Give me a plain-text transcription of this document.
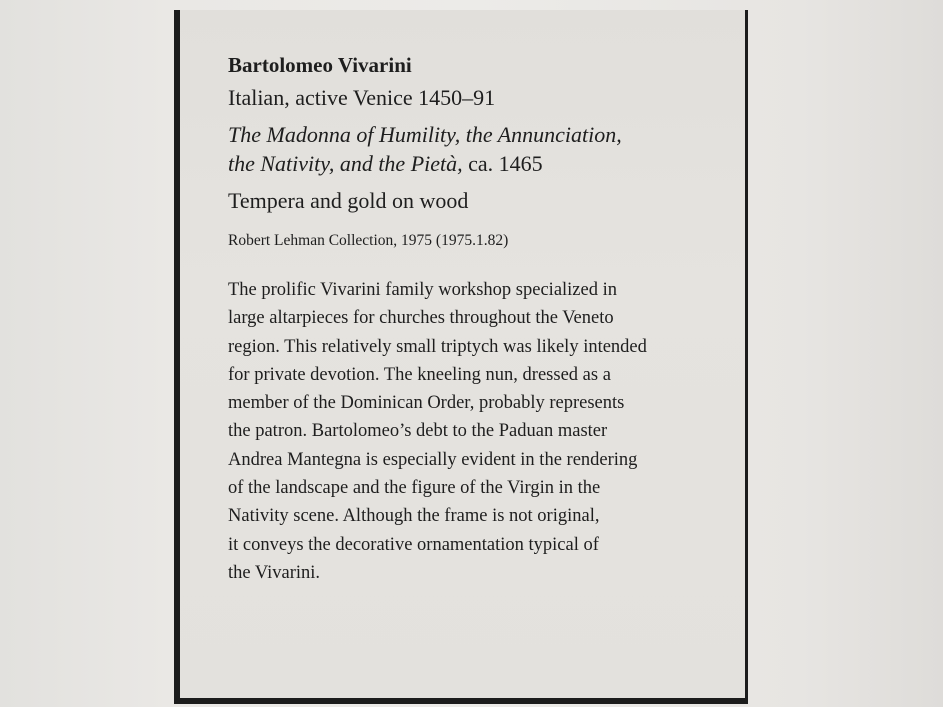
Bartolomeo Vivarini
Italian, active Venice 1450–91
The Madonna of Humility, the Annunciation,
the Nativity, and the Pietà, ca. 1465
Tempera and gold on wood
Robert Lehman Collection, 1975 (1975.1.82)
The prolific Vivarini family workshop specialized in
large altarpieces for churches throughout the Veneto
region. This relatively small triptych was likely intended
for private devotion. The kneeling nun, dressed as a
member of the Dominican Order, probably represents
the patron. Bartolomeo’s debt to the Paduan master
Andrea Mantegna is especially evident in the rendering
of the landscape and the figure of the Virgin in the
Nativity scene. Although the frame is not original,
it conveys the decorative ornamentation typical of
the Vivarini.
